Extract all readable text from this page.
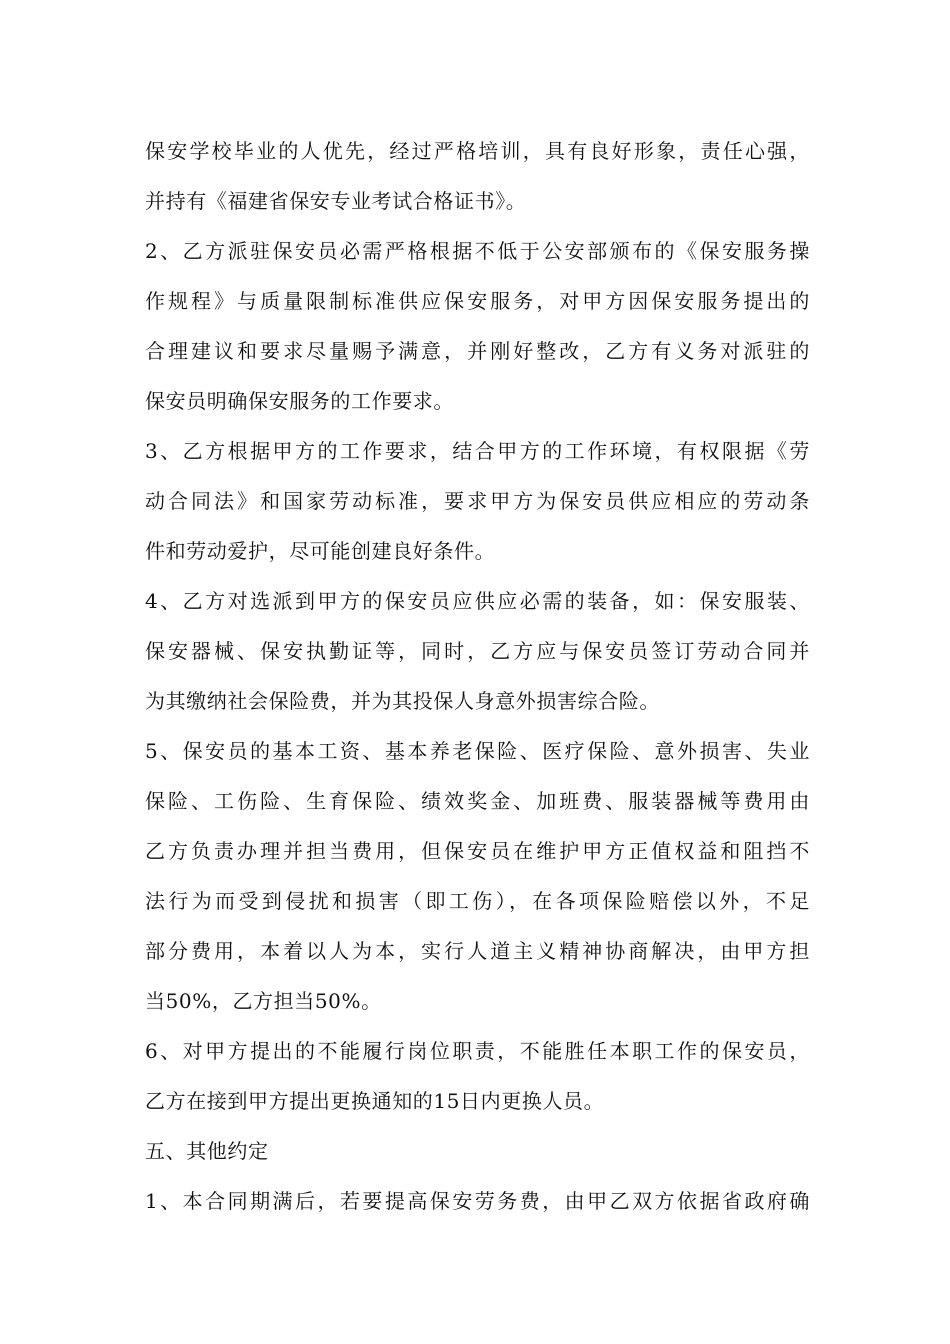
保安学校毕业的人优先，经过严格培训，具有良好形象，责任心强，
并持有《福建省保安专业考试合格证书》。
2、乙方派驻保安员必需严格根据不低于公安部颁布的《保安服务操
作规程》与质量限制标准供应保安服务，对甲方因保安服务提出的
合理建议和要求尽量赐予满意，并刚好整改，乙方有义务对派驻的
保安员明确保安服务的工作要求。
3、乙方根据甲方的工作要求，结合甲方的工作环境，有权限据《劳
动合同法》和国家劳动标准，要求甲方为保安员供应相应的劳动条
件和劳动爱护，尽可能创建良好条件。
4、乙方对选派到甲方的保安员应供应必需的装备，如：保安服装、
保安器械、保安执勤证等，同时，乙方应与保安员签订劳动合同并
为其缴纳社会保险费，并为其投保人身意外损害综合险。
5、保安员的基本工资、基本养老保险、医疗保险、意外损害、失业
保险、工伤险、生育保险、绩效奖金、加班费、服装器械等费用由
乙方负责办理并担当费用，但保安员在维护甲方正值权益和阻挡不
法行为而受到侵扰和损害（即工伤），在各项保险赔偿以外，不足
部分费用，本着以人为本，实行人道主义精神协商解决，由甲方担
当50%，乙方担当50%。
6、对甲方提出的不能履行岗位职责，不能胜任本职工作的保安员，
乙方在接到甲方提出更换通知的15日内更换人员。
五、其他约定
1、本合同期满后，若要提高保安劳务费，由甲乙双方依据省政府确
